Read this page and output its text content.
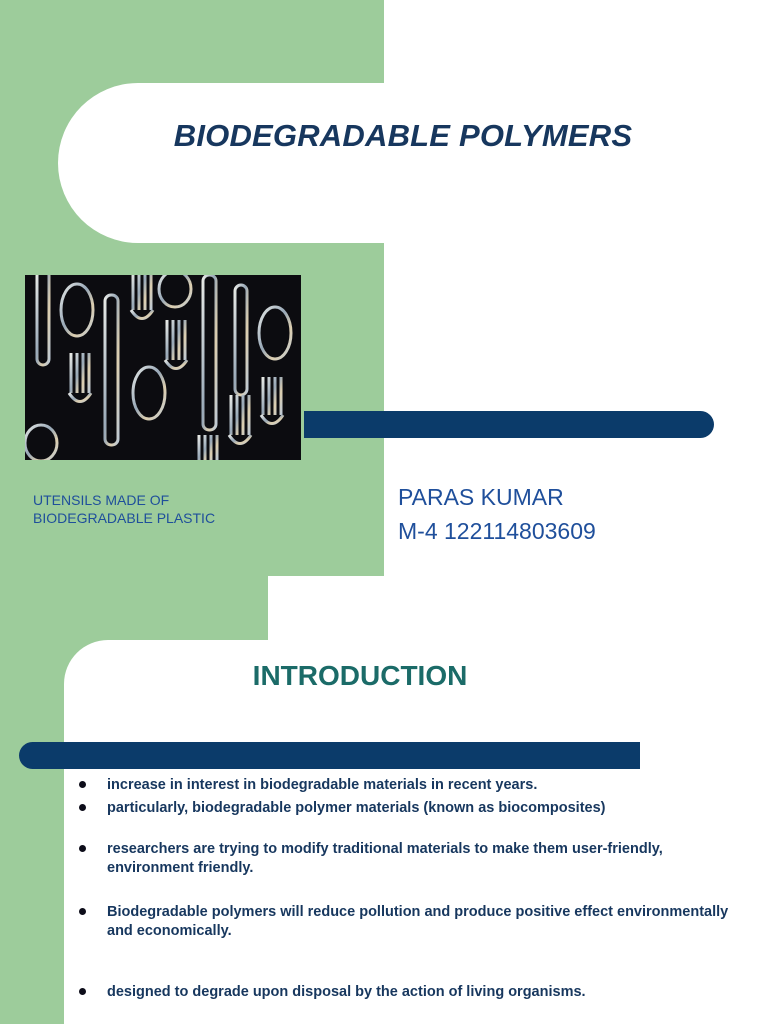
BIODEGRADABLE POLYMERS
UTENSILS MADE OF
BIODEGRADABLE PLASTIC
PARAS KUMAR
M-4 122114803609
INTRODUCTION
increase in interest in biodegradable materials in recent years.
particularly, biodegradable polymer materials (known as biocomposites)
researchers are trying to modify traditional materials to make them user-friendly, environment friendly.
Biodegradable polymers will reduce pollution and produce positive effect environmentally and economically.
designed to degrade upon disposal by the action of living organisms.
